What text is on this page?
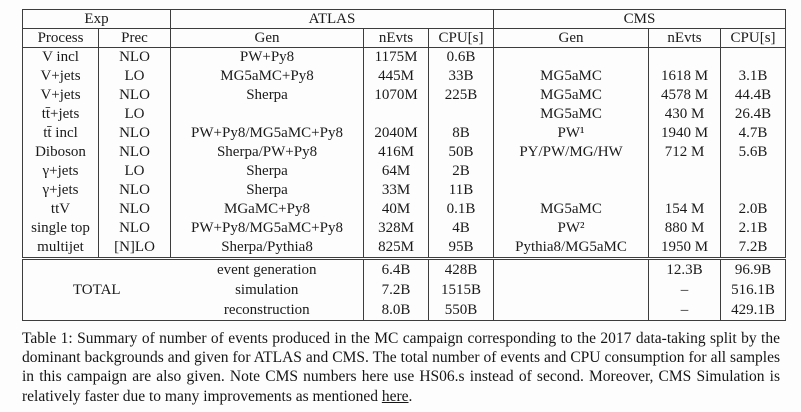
Exp		ATLAS			CMS		
Process	Prec	Gen	nEvts	CPU[s]	Gen	nEvts	CPU[s]
V incl	NLO	PW+Py8	1175M	0.6B			
V+jets	LO	MG5aMC+Py8	445M	33B	MG5aMC	1618 M	3.1B
V+jets	NLO	Sherpa	1070M	225B	MG5aMC	4578 M	44.4B
tt̄+jets	LO				MG5aMC	430 M	26.4B
tt̄ incl	NLO	PW+Py8/MG5aMC+Py8	2040M	8B	PW¹	1940 M	4.7B
Diboson	NLO	Sherpa/PW+Py8	416M	50B	PY/PW/MG/HW	712 M	5.6B
γ+jets	LO	Sherpa	64M	2B			
γ+jets	NLO	Sherpa	33M	11B			
ttV	NLO	MGaMC+Py8	40M	0.1B	MG5aMC	154 M	2.0B
single top	NLO	PW+Py8/MG5aMC+Py8	328M	4B	PW²	880 M	2.1B
multijet	[N]LO	Sherpa/Pythia8	825M	95B	Pythia8/MG5aMC	1950 M	7.2B
TOTAL		event generation	6.4B	428B		12.3B	96.9B
		simulation	7.2B	1515B		–	516.1B
		reconstruction	8.0B	550B		–	429.1B

Table 1: Summary of number of events produced in the MC campaign corresponding to the 2017 data-taking split by the dominant backgrounds and given for ATLAS and CMS. The total number of events and CPU consumption for all samples in this campaign are also given. Note CMS numbers here use HS06.s instead of second. Moreover, CMS Simulation is relatively faster due to many improvements as mentioned here.
